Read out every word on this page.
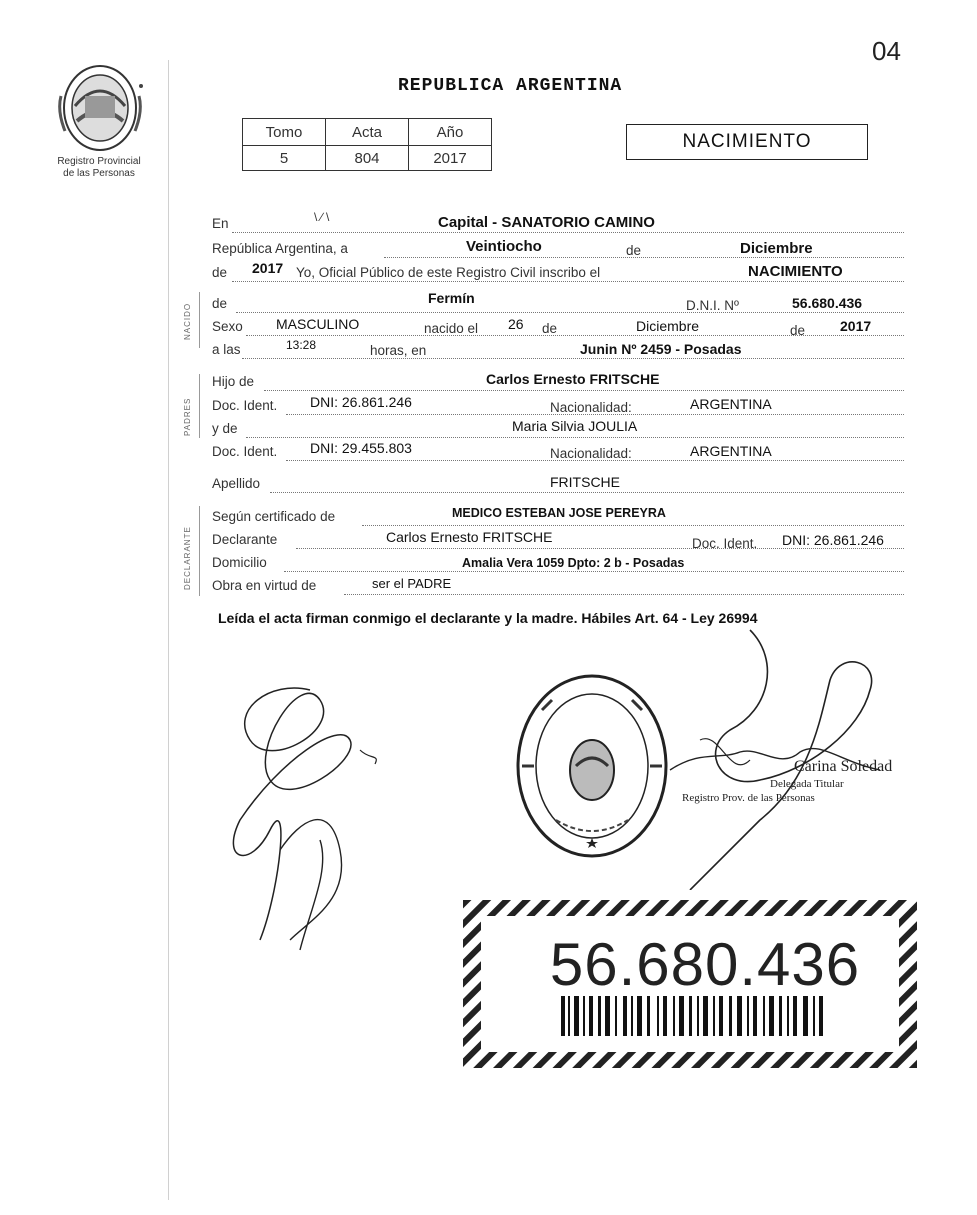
04
Registro Provincial
de las Personas
REPUBLICA ARGENTINA
Tomo	Acta	Año
5	804	2017
NACIMIENTO
NACIDO
PADRES
DECLARANTE
En	\ ∕ \	Capital - SANATORIO CAMINO
República Argentina, a	Veintiocho	de	Diciembre
de 2017 Yo, Oficial Público de este Registro Civil inscribo el	NACIMIENTO
de	Fermín	D.N.I. Nº	56.680.436
Sexo MASCULINO	nacido el 26 de	Diciembre	de 2017
a las	13:28	horas, en	Junin Nº 2459 - Posadas
Hijo de	Carlos Ernesto FRITSCHE
Doc. Ident. DNI: 26.861.246	Nacionalidad:	ARGENTINA
y de	Maria Silvia JOULIA
Doc. Ident. DNI: 29.455.803	Nacionalidad:	ARGENTINA
Apellido	FRITSCHE
Según certificado de	MEDICO ESTEBAN JOSE PEREYRA
Declarante	Carlos Ernesto FRITSCHE	Doc. Ident. DNI: 26.861.246
Domicilio	Amalia Vera 1059 Dpto: 2 b - Posadas
Obra en virtud de	ser el PADRE
Leída el acta firman conmigo el declarante y la madre. Hábiles Art. 64 - Ley 26994
Carina Soledad
Delegada Titular
Registro Prov. de las Personas
56.680.436
